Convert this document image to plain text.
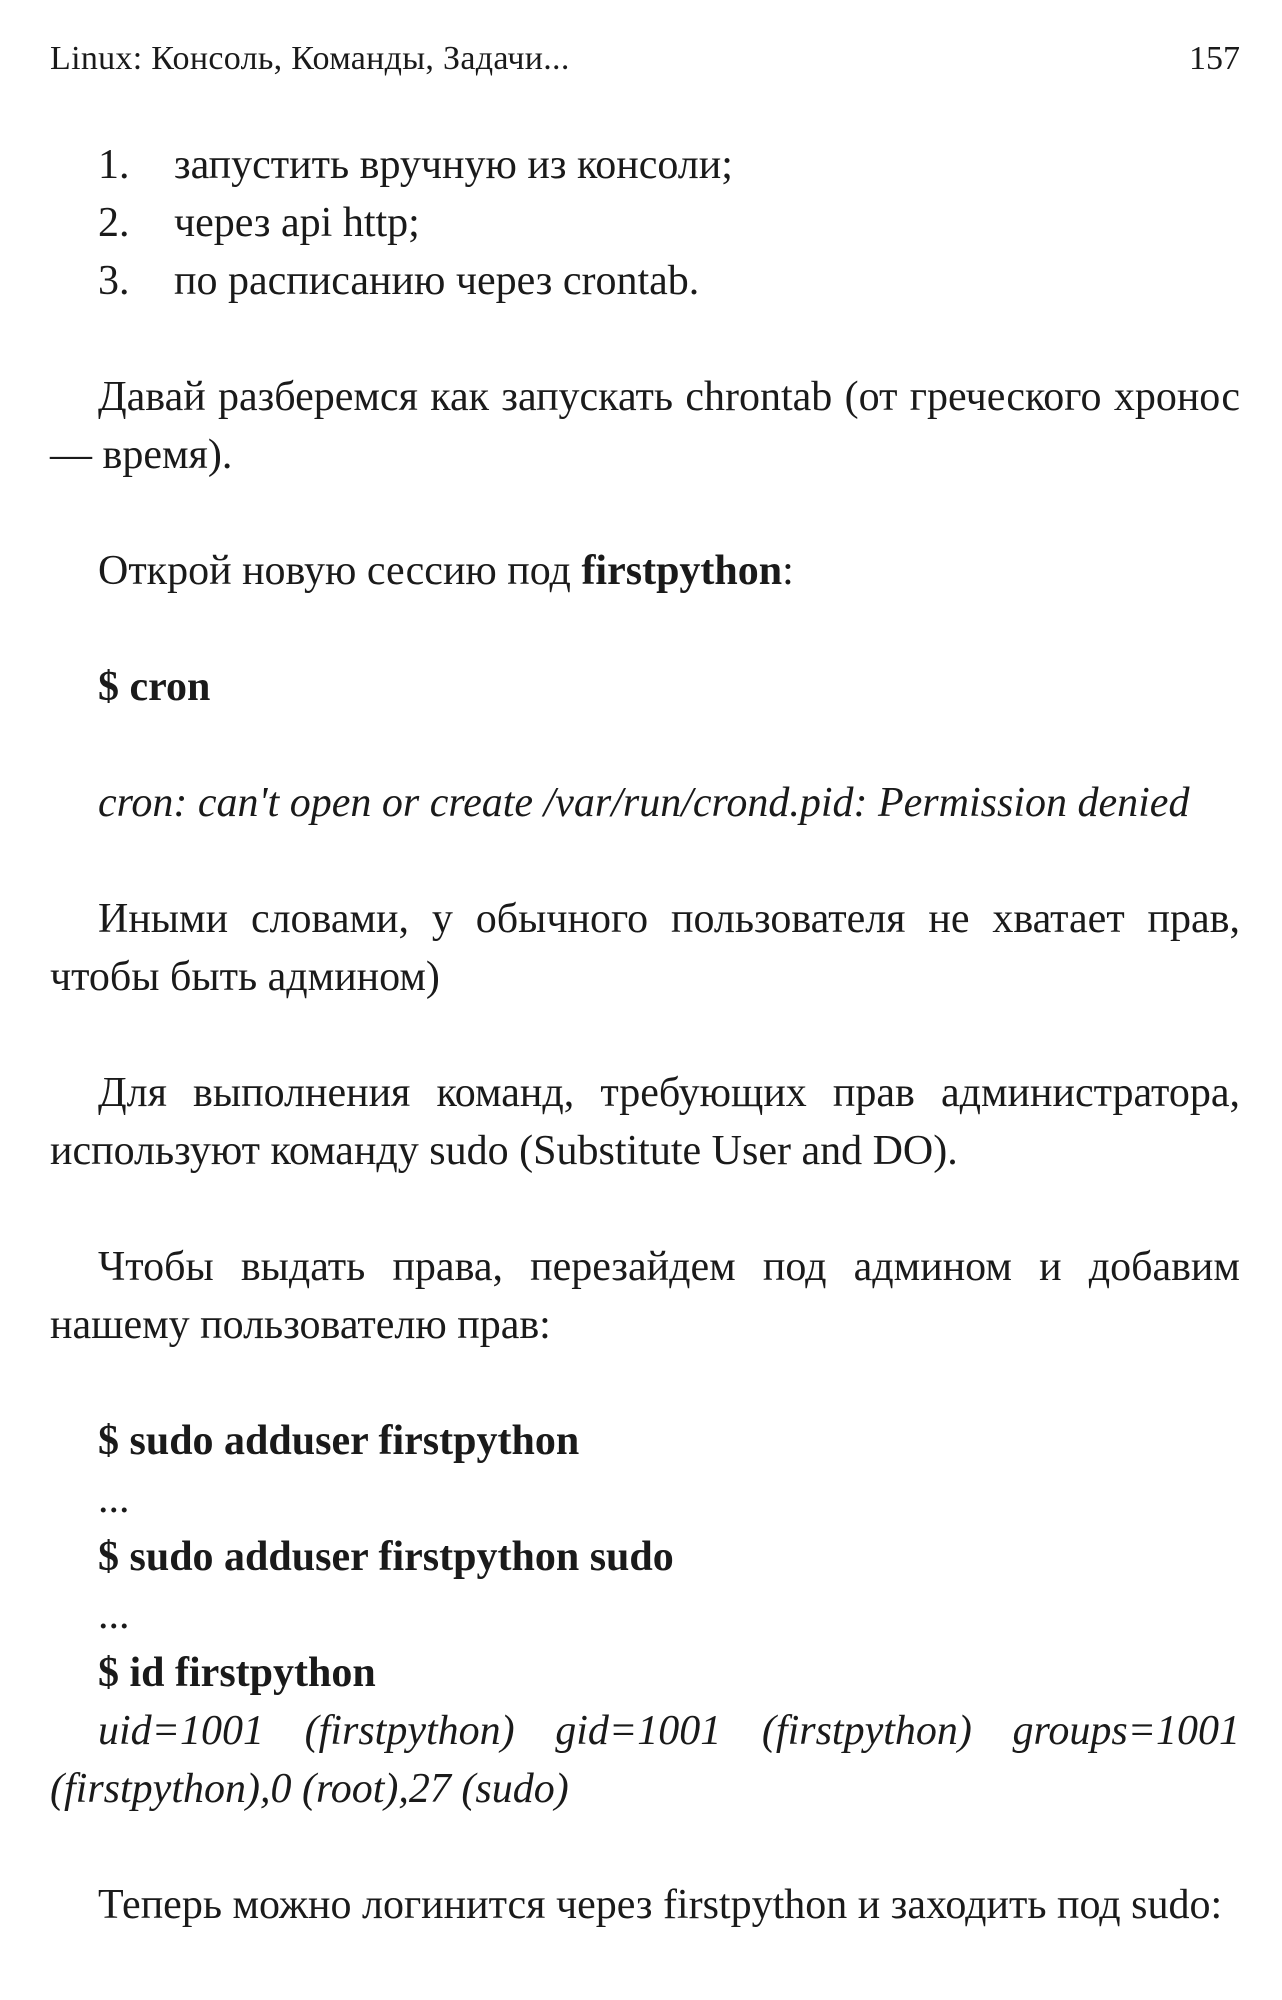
Linux: Консоль, Команды, Задачи...	157
1. запустить вручную из консоли;
2. через api http;
3. по расписанию через crontab.

Давай разберемся как запускать chrontab (от греческого хронос — время).

Открой новую сессию под firstpython:

$ cron
cron: can't open or create /var/run/crond.pid: Permission denied

Иными словами, у обычного пользователя не хватает прав, чтобы быть админом)

Для выполнения команд, требующих прав администратора, используют команду sudo (Substitute User and DO).

Чтобы выдать права, перезайдем под админом и добавим нашему пользователю прав:

$ sudo adduser firstpython
...
$ sudo adduser firstpython sudo
...
$ id firstpython

uid=1001 (firstpython) gid=1001 (firstpython) groups=1001 (firstpython),0 (root),27 (sudo)

Теперь можно логинится через firstpython и заходить под sudo:
